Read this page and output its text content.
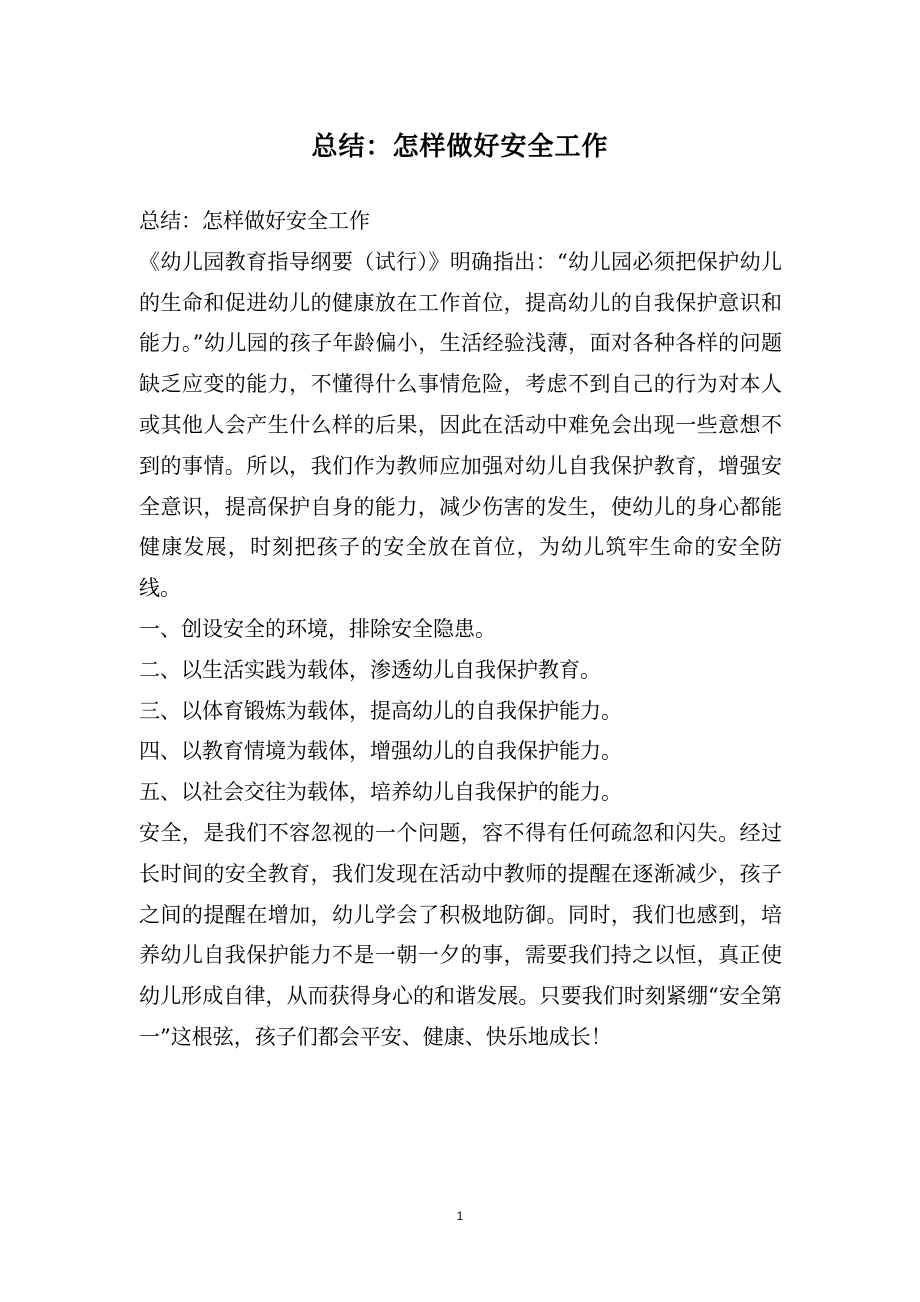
总结：怎样做好安全工作

总结：怎样做好安全工作

《幼儿园教育指导纲要（试行）》明确指出：“幼儿园必须把保护幼儿的生命和促进幼儿的健康放在工作首位，提高幼儿的自我保护意识和能力。”幼儿园的孩子年龄偏小，生活经验浅薄，面对各种各样的问题缺乏应变的能力，不懂得什么事情危险，考虑不到自己的行为对本人或其他人会产生什么样的后果，因此在活动中难免会出现一些意想不到的事情。所以，我们作为教师应加强对幼儿自我保护教育，增强安全意识，提高保护自身的能力，减少伤害的发生，使幼儿的身心都能健康发展，时刻把孩子的安全放在首位，为幼儿筑牢生命的安全防线。

一、创设安全的环境，排除安全隐患。

二、以生活实践为载体，渗透幼儿自我保护教育。

三、以体育锻炼为载体，提高幼儿的自我保护能力。

四、以教育情境为载体，增强幼儿的自我保护能力。

五、以社会交往为载体，培养幼儿自我保护的能力。

安全，是我们不容忽视的一个问题，容不得有任何疏忽和闪失。经过长时间的安全教育，我们发现在活动中教师的提醒在逐渐减少，孩子之间的提醒在增加，幼儿学会了积极地防御。同时，我们也感到，培养幼儿自我保护能力不是一朝一夕的事，需要我们持之以恒，真正使幼儿形成自律，从而获得身心的和谐发展。只要我们时刻紧绷“安全第一”这根弦，孩子们都会平安、健康、快乐地成长！

1
